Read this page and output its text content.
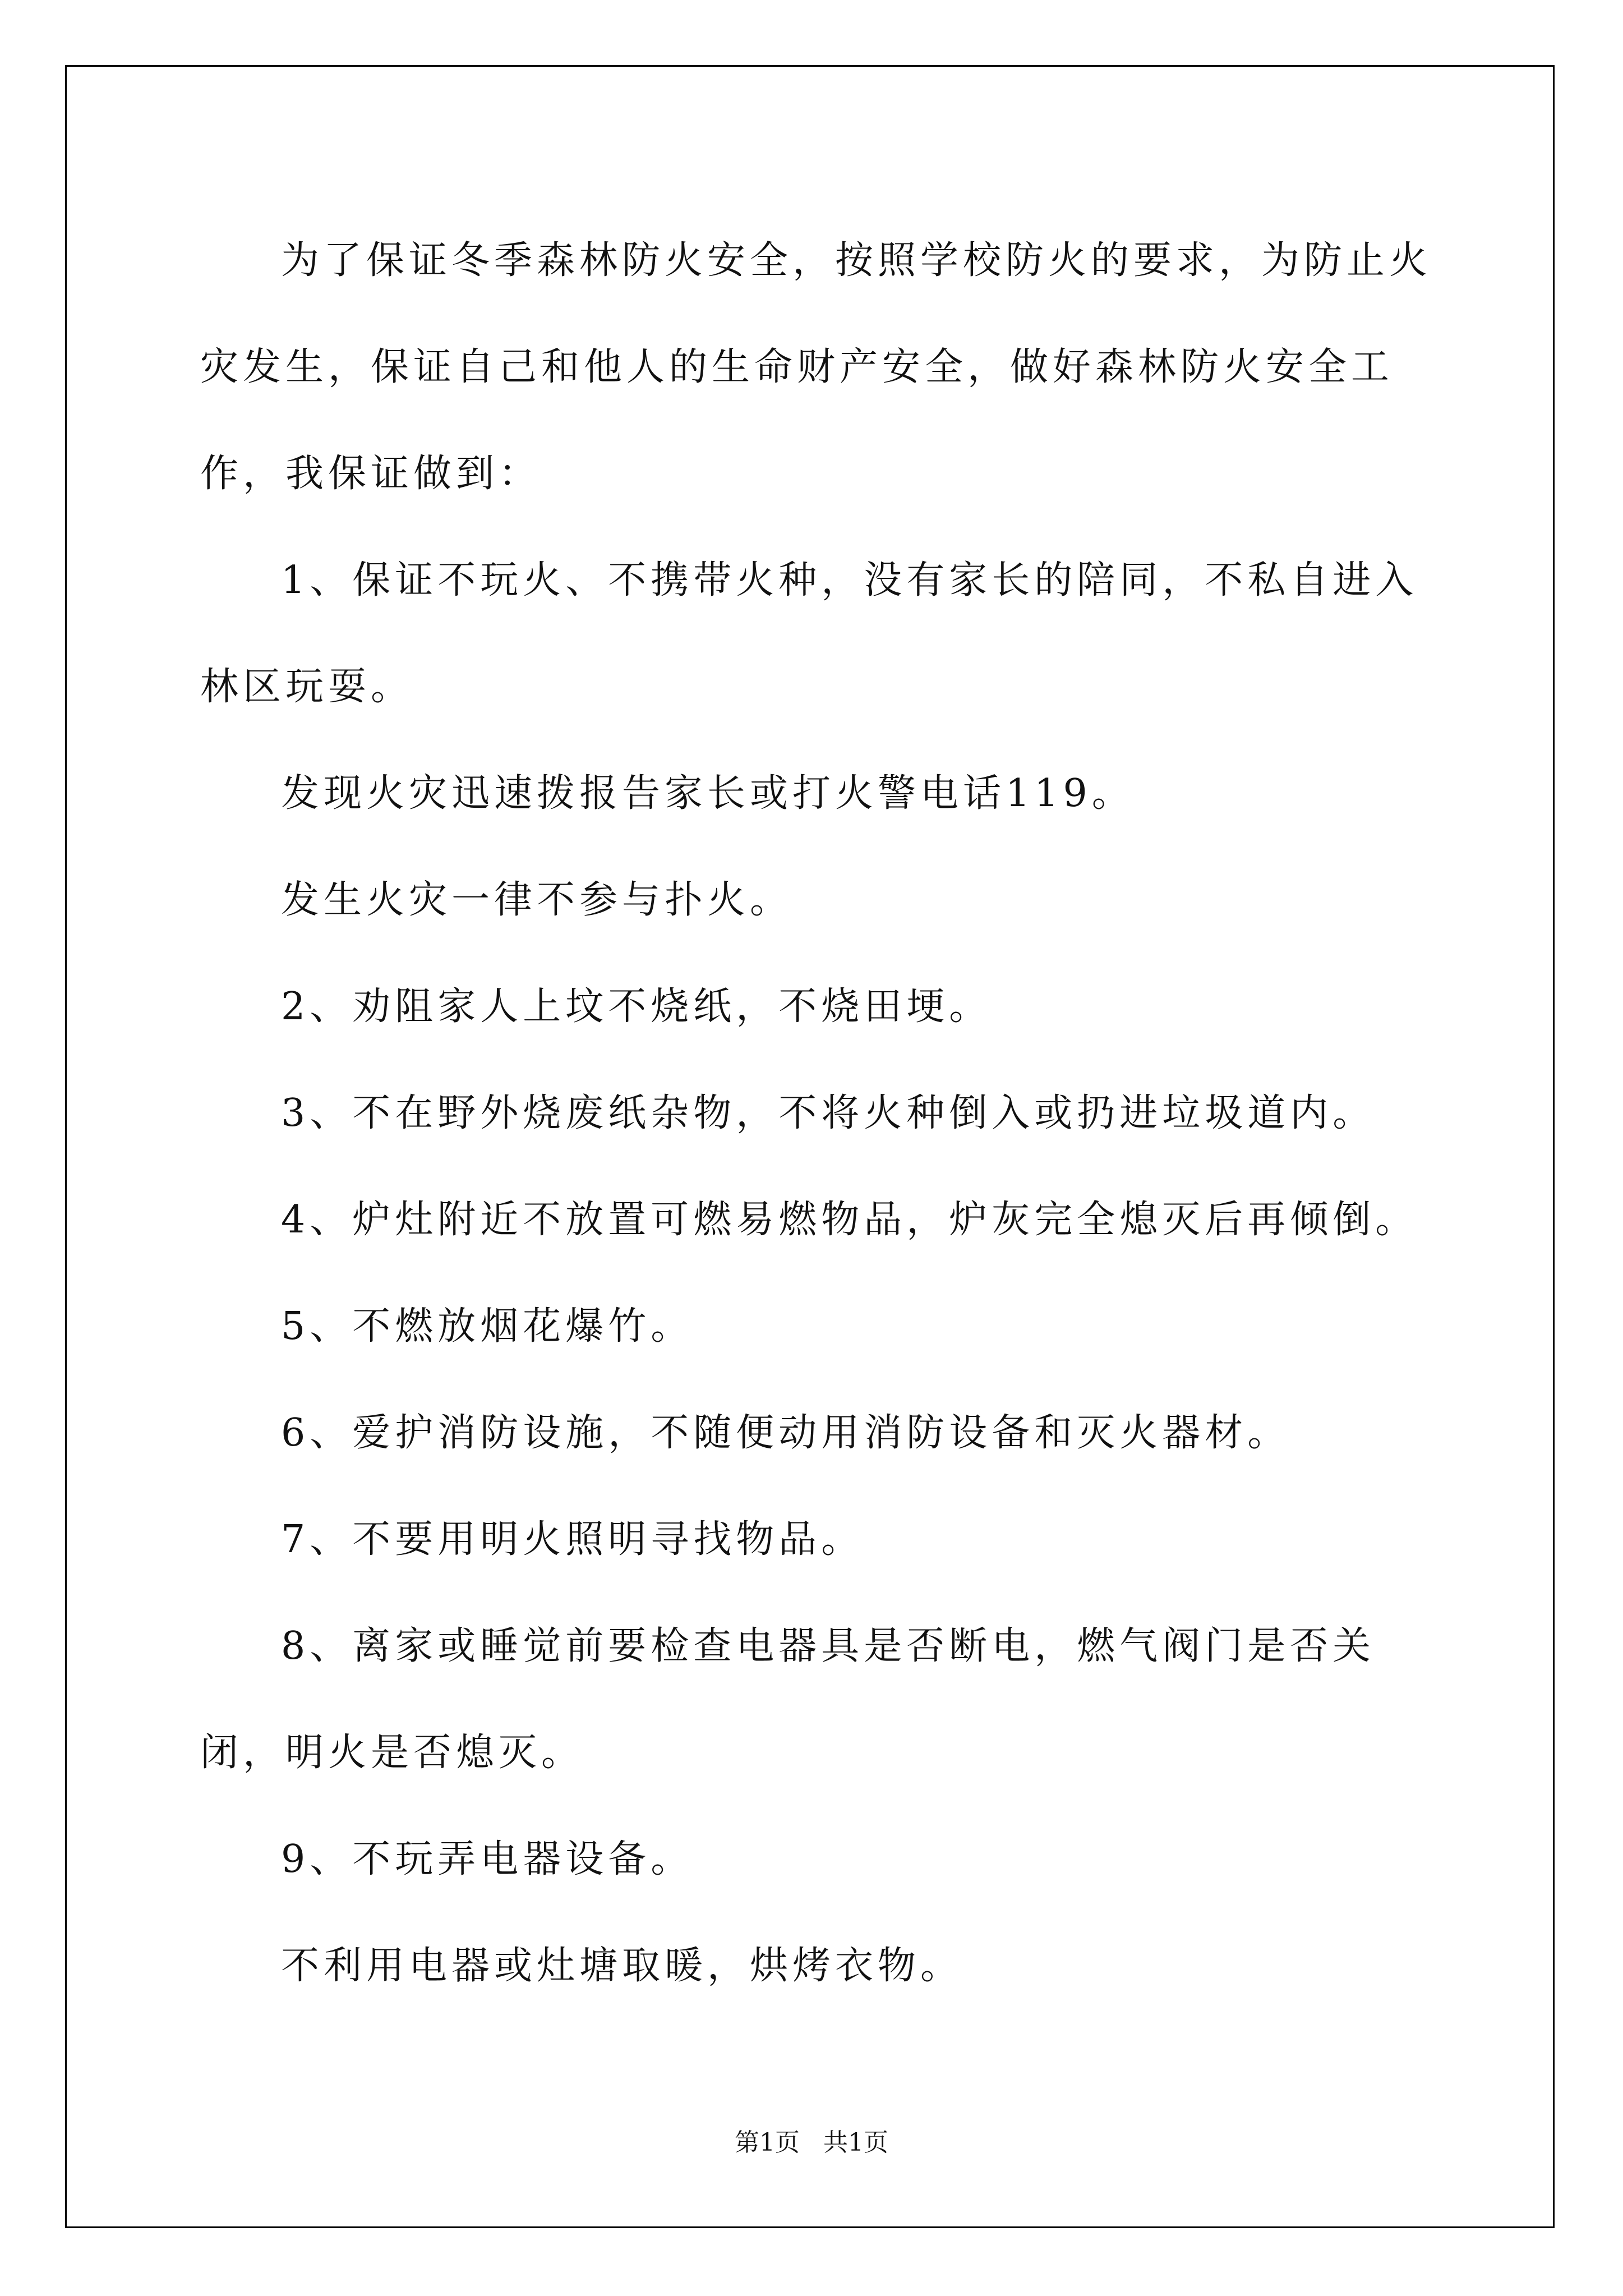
为了保证冬季森林防火安全，按照学校防火的要求，为防止火灾发生，保证自己和他人的生命财产安全，做好森林防火安全工作，我保证做到：

1、保证不玩火、不携带火种，没有家长的陪同，不私自进入林区玩耍。

发现火灾迅速拨报告家长或打火警电话119。

发生火灾一律不参与扑火。

2、劝阻家人上坟不烧纸，不烧田埂。

3、不在野外烧废纸杂物，不将火种倒入或扔进垃圾道内。

4、炉灶附近不放置可燃易燃物品，炉灰完全熄灭后再倾倒。

5、不燃放烟花爆竹。

6、爱护消防设施，不随便动用消防设备和灭火器材。

7、不要用明火照明寻找物品。

8、离家或睡觉前要检查电器具是否断电，燃气阀门是否关闭，明火是否熄灭。

9、不玩弄电器设备。

不利用电器或灶塘取暖，烘烤衣物。

第1页 共1页
